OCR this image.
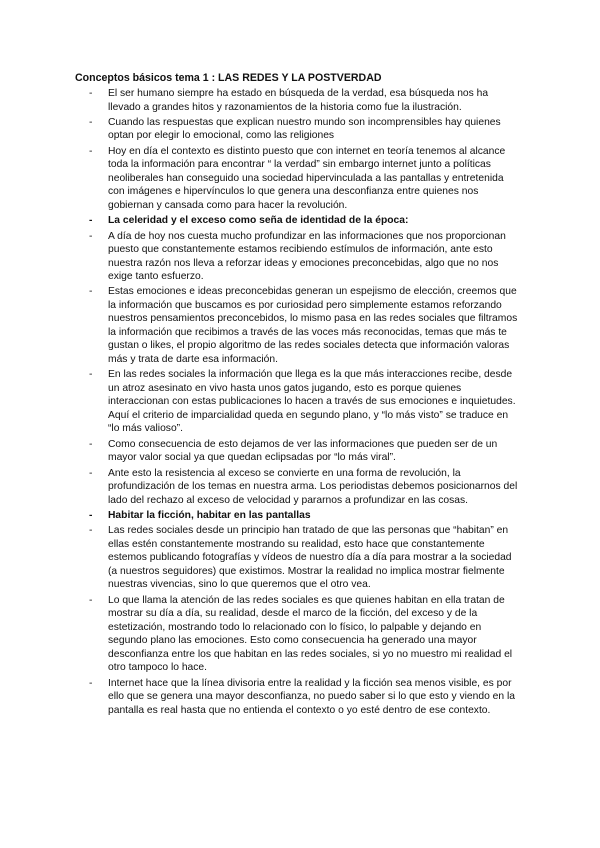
Conceptos básicos tema 1 : LAS REDES Y LA POSTVERDAD
- El ser humano siempre ha estado en búsqueda de la verdad, esa búsqueda nos ha llevado a grandes hitos y razonamientos de la historia como fue la ilustración.
- Cuando las respuestas que explican nuestro mundo son incomprensibles hay quienes optan por elegir lo emocional, como las religiones
- Hoy en día el contexto es distinto puesto que con internet en teoría tenemos al alcance toda la información para encontrar “ la verdad” sin embargo internet junto a políticas neoliberales han conseguido una sociedad hipervinculada a las pantallas y entretenida con imágenes e hipervínculos lo que genera una desconfianza entre quienes nos gobiernan y cansada como para hacer la revolución.
- La celeridad y el exceso como seña de identidad de la época:
- A día de hoy nos cuesta mucho profundizar en las informaciones que nos proporcionan puesto que constantemente estamos recibiendo estímulos de información, ante esto nuestra razón nos lleva a reforzar ideas y emociones preconcebidas, algo que no nos exige tanto esfuerzo.
- Estas emociones e ideas preconcebidas generan un espejismo de elección, creemos que la información que buscamos es por curiosidad pero simplemente estamos reforzando nuestros pensamientos preconcebidos, lo mismo pasa en las redes sociales que filtramos la información que recibimos a través de las voces más reconocidas, temas que más te gustan o likes, el propio algoritmo de las redes sociales detecta que información valoras más y trata de darte esa información.
- En las redes sociales la información que llega es la que más interacciones recibe, desde un atroz asesinato en vivo hasta unos gatos jugando, esto es porque quienes interaccionan con estas publicaciones lo hacen a través de sus emociones e inquietudes. Aquí el criterio de imparcialidad queda en segundo plano, y “lo más visto” se traduce en “lo más valioso”.
- Como consecuencia de esto dejamos de ver las informaciones que pueden ser de un mayor valor social ya que quedan eclipsadas por “lo más viral”.
- Ante esto la resistencia al exceso se convierte en una forma de revolución, la profundización de los temas en nuestra arma. Los periodistas debemos posicionarnos del lado del rechazo al exceso de velocidad y pararnos a profundizar en las cosas.
- Habitar la ficción, habitar en las pantallas
- Las redes sociales desde un principio han tratado de que las personas que “habitan” en ellas estén constantemente mostrando su realidad, esto hace que constantemente estemos publicando fotografías y vídeos de nuestro día a día para mostrar a la sociedad (a nuestros seguidores) que existimos. Mostrar la realidad no implica mostrar fielmente nuestras vivencias, sino lo que queremos que el otro vea.
- Lo que llama la atención de las redes sociales es que quienes habitan en ella tratan de mostrar su día a día, su realidad, desde el marco de la ficción, del exceso y de la estetización, mostrando todo lo relacionado con lo físico, lo palpable y dejando en segundo plano las emociones. Esto como consecuencia ha generado una mayor desconfianza entre los que habitan en las redes sociales, si yo no muestro mi realidad el otro tampoco lo hace.
- Internet hace que la línea divisoria entre la realidad y la ficción sea menos visible, es por ello que se genera una mayor desconfianza, no puedo saber si lo que esto y viendo en la pantalla es real hasta que no entienda el contexto o yo esté dentro de ese contexto.
